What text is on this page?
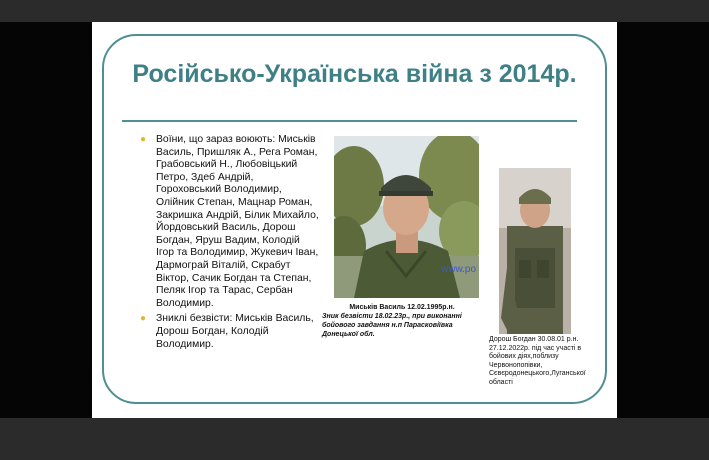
Російсько-Українська війна з 2014р.
● Воїни, що зараз воюють: Миськів Василь, Пришляк А., Рега Роман, Грабовський Н., Любовіцький Петро, Здеб Андрій, Гороховський Володимир, Олійник Степан, Мацнар Роман, Закришка Андрій, Білик Михайло, Йордовський Василь, Дорош Богдан, Яруш Вадим, Колодій Ігор та Володимир, Жукевич Іван, Дармограй Віталій, Скрабут Віктор, Сачик Богдан та Степан, Пеляк Ігор та Тарас, Сербан Володимир.
● Зниклі безвісти: Миськів Василь, Дорош Богдан, Колодій Володимир.
www.po
Миськів Василь 12.02.1995р.н.
Зник безвісти 18.02.23р., при виконанні бойового завдання н.п Парасковіївка Донецької обл.
Дорош Богдан 30.08.01 р.н. 27.12.2022р. під час участі в бойових діях,поблизу Червонопопівки, Сєвєродонецького,Луганської області
